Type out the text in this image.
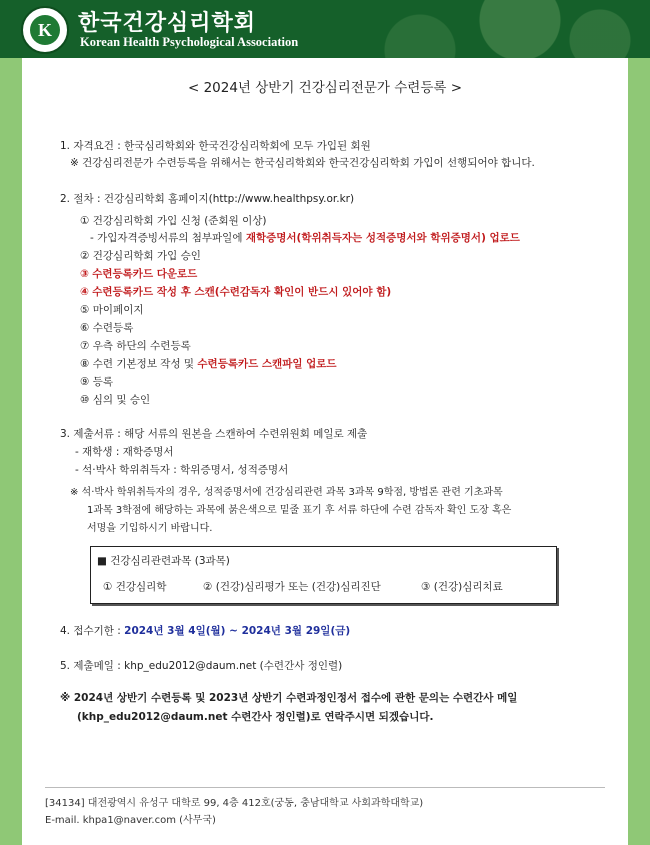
K	한국건강심리학회
Korean Health Psychological Association
< 2024년 상반기 건강심리전문가 수련등록 >
1. 자격요건 : 한국심리학회와 한국건강심리학회에 모두 가입된 회원
※ 건강심리전문가 수련등록을 위해서는 한국심리학회와 한국건강심리학회 가입이 선행되어야 합니다.
2. 절차 : 건강심리학회 홈페이지(http://www.healthpsy.or.kr)
① 건강심리학회 가입 신청 (준회원 이상)
- 가입자격증빙서류의 첨부파일에 재학증명서(학위취득자는 성적증명서와 학위증명서) 업로드
② 건강심리학회 가입 승인
③ 수련등록카드 다운로드
④ 수련등록카드 작성 후 스캔(수련감독자 확인이 반드시 있어야 함)
⑤ 마이페이지
⑥ 수련등록
⑦ 우측 하단의 수련등록
⑧ 수련 기본정보 작성 및 수련등록카드 스캔파일 업로드
⑨ 등록
⑩ 심의 및 승인
3. 제출서류 : 해당 서류의 원본을 스캔하여 수련위원회 메일로 제출
- 재학생 : 재학증명서
- 석·박사 학위취득자 : 학위증명서, 성적증명서
※ 석·박사 학위취득자의 경우, 성적증명서에 건강심리관련 과목 3과목 9학점, 방법론 관련 기초과목
1과목 3학점에 해당하는 과목에 붉은색으로 밑줄 표기 후 서류 하단에 수련 감독자 확인 도장 혹은
서명을 기입하시기 바랍니다.
■ 건강심리관련과목 (3과목)
① 건강심리학	② (건강)심리평가 또는 (건강)심리진단	③ (건강)심리치료
4. 접수기한 : 2024년 3월 4일(월) ~ 2024년 3월 29일(금)
5. 제출메일 : khp_edu2012@daum.net (수련간사 정인렬)
※ 2024년 상반기 수련등록 및 2023년 상반기 수련과정인정서 접수에 관한 문의는 수련간사 메일
(khp_edu2012@daum.net 수련간사 정인렬)로 연락주시면 되겠습니다.
[34134] 대전광역시 유성구 대학로 99, 4층 412호(궁동, 충남대학교 사회과학대학교)
E-mail. khpa1@naver.com (사무국)
